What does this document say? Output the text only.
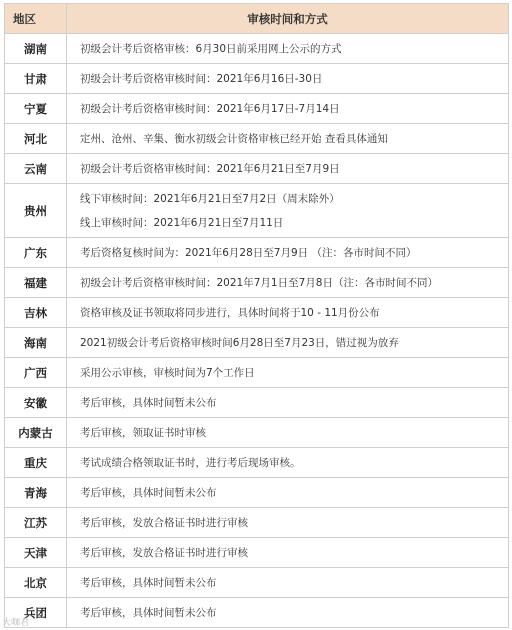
地区	审核时间和方式
湖南	初级会计考后资格审核：6月30日前采用网上公示的方式

甘肃	初级会计考后资格审核时间：2021年6月16日-30日

宁夏	初级会计考后资格审核时间：2021年6月17日-7月14日

河北	定州、沧州、辛集、衡水初级会计资格审核已经开始 查看具体通知

云南	初级会计考后资格审核时间：2021年6月21日至7月9日

贵州	线下审核时间：2021年6月21日至7月2日（周末除外）
线上审核时间：2021年6月21日至7月11日

广东	考后资格复核时间为：2021年6月28日至7月9日 （注：各市时间不同）

福建	初级会计考后资格审核时间：2021年7月1日至7月8日（注：各市时间不同）

吉林	资格审核及证书领取将同步进行，具体时间将于10 - 11月份公布

海南	2021初级会计考后资格审核时间6月28日至7月23日，错过视为放弃

广西	采用公示审核，审核时间为7个工作日

安徽	考后审核，具体时间暂未公布

内蒙古	考后审核，领取证书时审核

重庆	考试成绩合格领取证书时，进行考后现场审核。

青海	考后审核，具体时间暂未公布

江苏	考后审核，发放合格证书时进行审核

天津	考后审核，发放合格证书时进行审核

北京	考后审核，具体时间暂未公布

兵团	考后审核，具体时间暂未公布
大咖君
